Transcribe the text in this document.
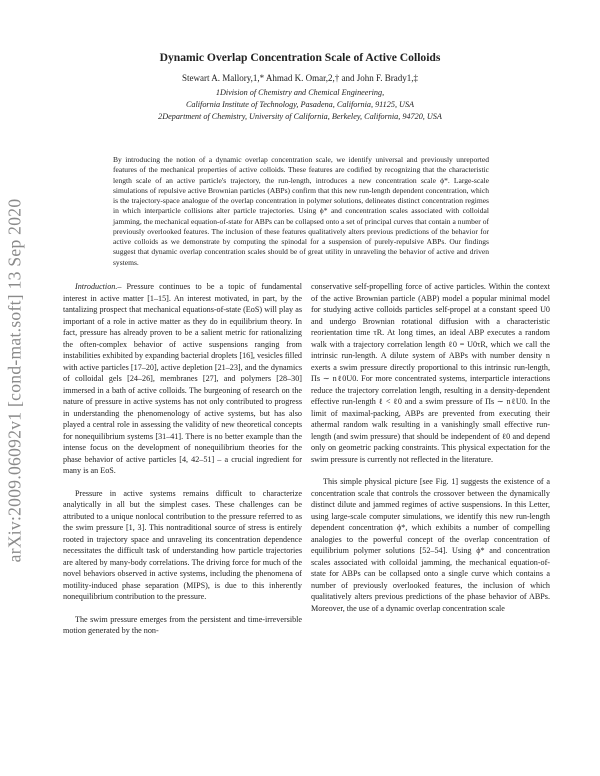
arXiv:2009.06092v1 [cond-mat.soft] 13 Sep 2020
Dynamic Overlap Concentration Scale of Active Colloids

Stewart A. Mallory,1,* Ahmad K. Omar,2,† and John F. Brady1,‡

1Division of Chemistry and Chemical Engineering,
California Institute of Technology, Pasadena, California, 91125, USA
2Department of Chemistry, University of California, Berkeley, California, 94720, USA

By introducing the notion of a dynamic overlap concentration scale, we identify universal and previously unreported features of the mechanical properties of active colloids. These features are codified by recognizing that the characteristic length scale of an active particle's trajectory, the run-length, introduces a new concentration scale ϕ*. Large-scale simulations of repulsive active Brownian particles (ABPs) confirm that this new run-length dependent concentration, which is the trajectory-space analogue of the overlap concentration in polymer solutions, delineates distinct concentration regimes in which interparticle collisions alter particle trajectories. Using ϕ* and concentration scales associated with colloidal jamming, the mechanical equation-of-state for ABPs can be collapsed onto a set of principal curves that contain a number of previously overlooked features. The inclusion of these features qualitatively alters previous predictions of the behavior for active colloids as we demonstrate by computing the spinodal for a suspension of purely-repulsive ABPs. Our findings suggest that dynamic overlap concentration scales should be of great utility in unraveling the behavior of active and driven systems.

Introduction.– Pressure continues to be a topic of fundamental interest in active matter [1–15]. An interest motivated, in part, by the tantalizing prospect that mechanical equations-of-state (EoS) will play as important of a role in active matter as they do in equilibrium theory. In fact, pressure has already proven to be a salient metric for rationalizing the often-complex behavior of active suspensions ranging from instabilities exhibited by expanding bacterial droplets [16], vesicles filled with active particles [17–20], active depletion [21–23], and the dynamics of colloidal gels [24–26], membranes [27], and polymers [28–30] immersed in a bath of active colloids. The burgeoning of research on the nature of pressure in active systems has not only contributed to progress in understanding the phenomenology of active systems, but has also played a central role in assessing the validity of new theoretical concepts for nonequilibrium systems [31–41]. There is no better example than the intense focus on the development of nonequilibrium theories for the phase behavior of active particles [4, 42–51] – a crucial ingredient for many is an EoS.

Pressure in active systems remains difficult to characterize analytically in all but the simplest cases. These challenges can be attributed to a unique nonlocal contribution to the pressure referred to as the swim pressure [1, 3]. This nontraditional source of stress is entirely rooted in trajectory space and unraveling its concentration dependence necessitates the difficult task of understanding how particle trajectories are altered by many-body correlations. The driving force for much of the novel behaviors observed in active systems, including the phenomena of motility-induced phase separation (MIPS), is due to this inherently nonequilibrium contribution to the pressure.

The swim pressure emerges from the persistent and time-irreversible motion generated by the non-

conservative self-propelling force of active particles. Within the context of the active Brownian particle (ABP) model a popular minimal model for studying active colloids particles self-propel at a constant speed U0 and undergo Brownian rotational diffusion with a characteristic reorientation time τR. At long times, an ideal ABP executes a random walk with a trajectory correlation length ℓ0 = U0τR, which we call the intrinsic run-length. A dilute system of ABPs with number density n exerts a swim pressure directly proportional to this intrinsic run-length, Πs ∼ nℓ0U0. For more concentrated systems, interparticle interactions reduce the trajectory correlation length, resulting in a density-dependent effective run-length ℓ < ℓ0 and a swim pressure of Πs ∼ nℓU0. In the limit of maximal-packing, ABPs are prevented from executing their athermal random walk resulting in a vanishingly small effective run-length (and swim pressure) that should be independent of ℓ0 and depend only on geometric packing constraints. This physical expectation for the swim pressure is currently not reflected in the literature.

This simple physical picture [see Fig. 1] suggests the existence of a concentration scale that controls the crossover between the dynamically distinct dilute and jammed regimes of active suspensions. In this Letter, using large-scale computer simulations, we identify this new run-length dependent concentration ϕ*, which exhibits a number of compelling analogies to the powerful concept of the overlap concentration of equilibrium polymer solutions [52–54]. Using ϕ* and concentration scales associated with colloidal jamming, the mechanical equation-of-state for ABPs can be collapsed onto a single curve which contains a number of previously overlooked features, the inclusion of which qualitatively alters previous predictions of the phase behavior of ABPs. Moreover, the use of a dynamic overlap concentration scale
